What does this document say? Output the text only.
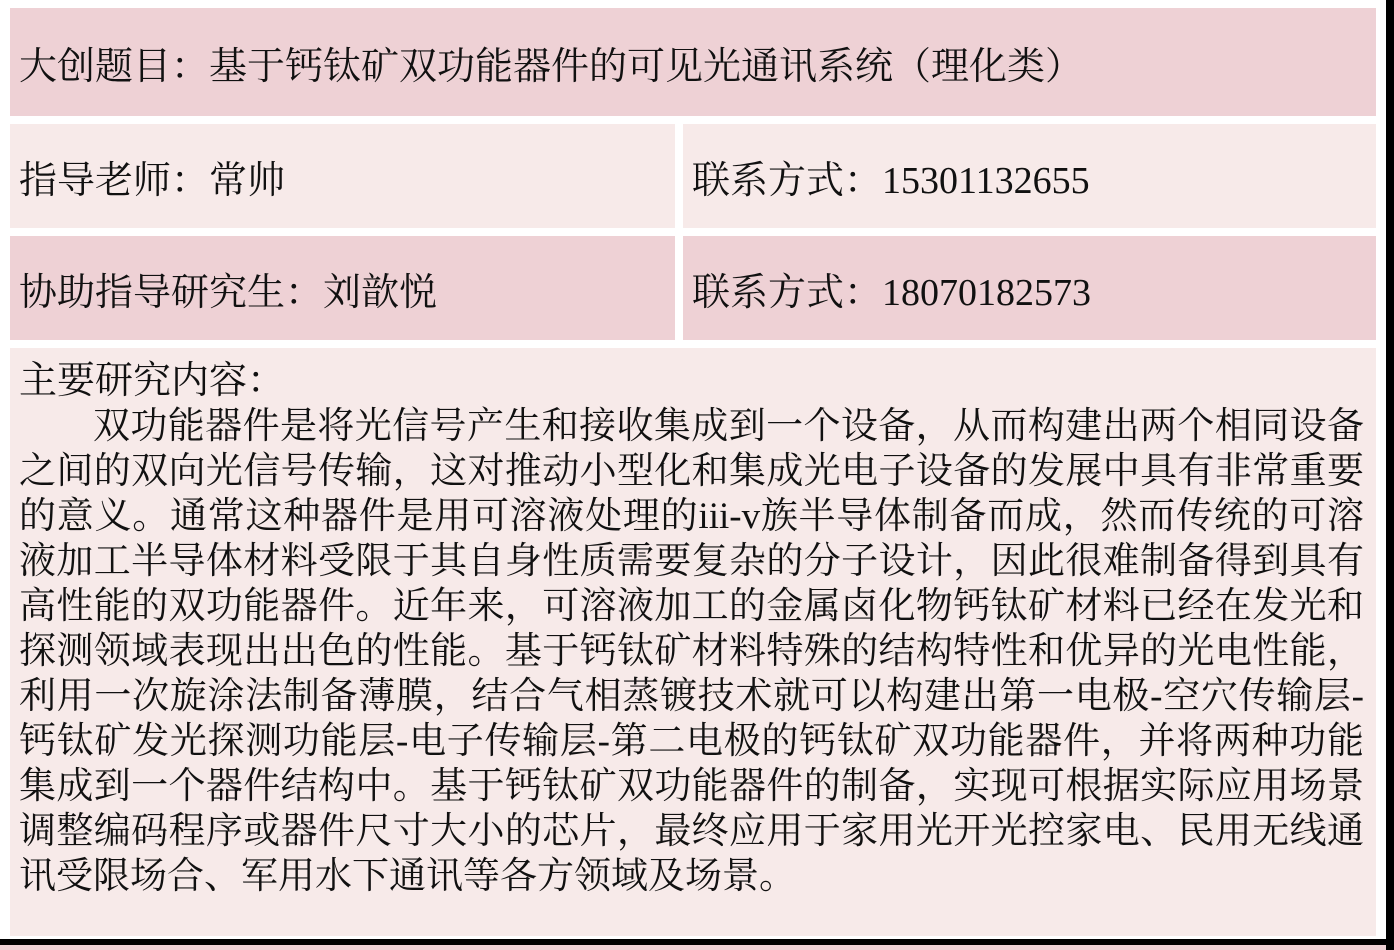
大创题目：基于钙钛矿双功能器件的可见光通讯系统（理化类）
指导老师：常帅	联系方式：15301132655
协助指导研究生：刘歆悦	联系方式：18070182573
主要研究内容：
双功能器件是将光信号产生和接收集成到一个设备，从而构建出两个相同设备之间的双向光信号传输，这对推动小型化和集成光电子设备的发展中具有非常重要的意义。通常这种器件是用可溶液处理的iii-v族半导体制备而成，然而传统的可溶液加工半导体材料受限于其自身性质需要复杂的分子设计，因此很难制备得到具有高性能的双功能器件。近年来，可溶液加工的金属卤化物钙钛矿材料已经在发光和探测领域表现出出色的性能。基于钙钛矿材料特殊的结构特性和优异的光电性能，利用一次旋涂法制备薄膜，结合气相蒸镀技术就可以构建出第一电极-空穴传输层-钙钛矿发光探测功能层-电子传输层-第二电极的钙钛矿双功能器件，并将两种功能集成到一个器件结构中。基于钙钛矿双功能器件的制备，实现可根据实际应用场景调整编码程序或器件尺寸大小的芯片，最终应用于家用光开光控家电、民用无线通讯受限场合、军用水下通讯等各方领域及场景。
